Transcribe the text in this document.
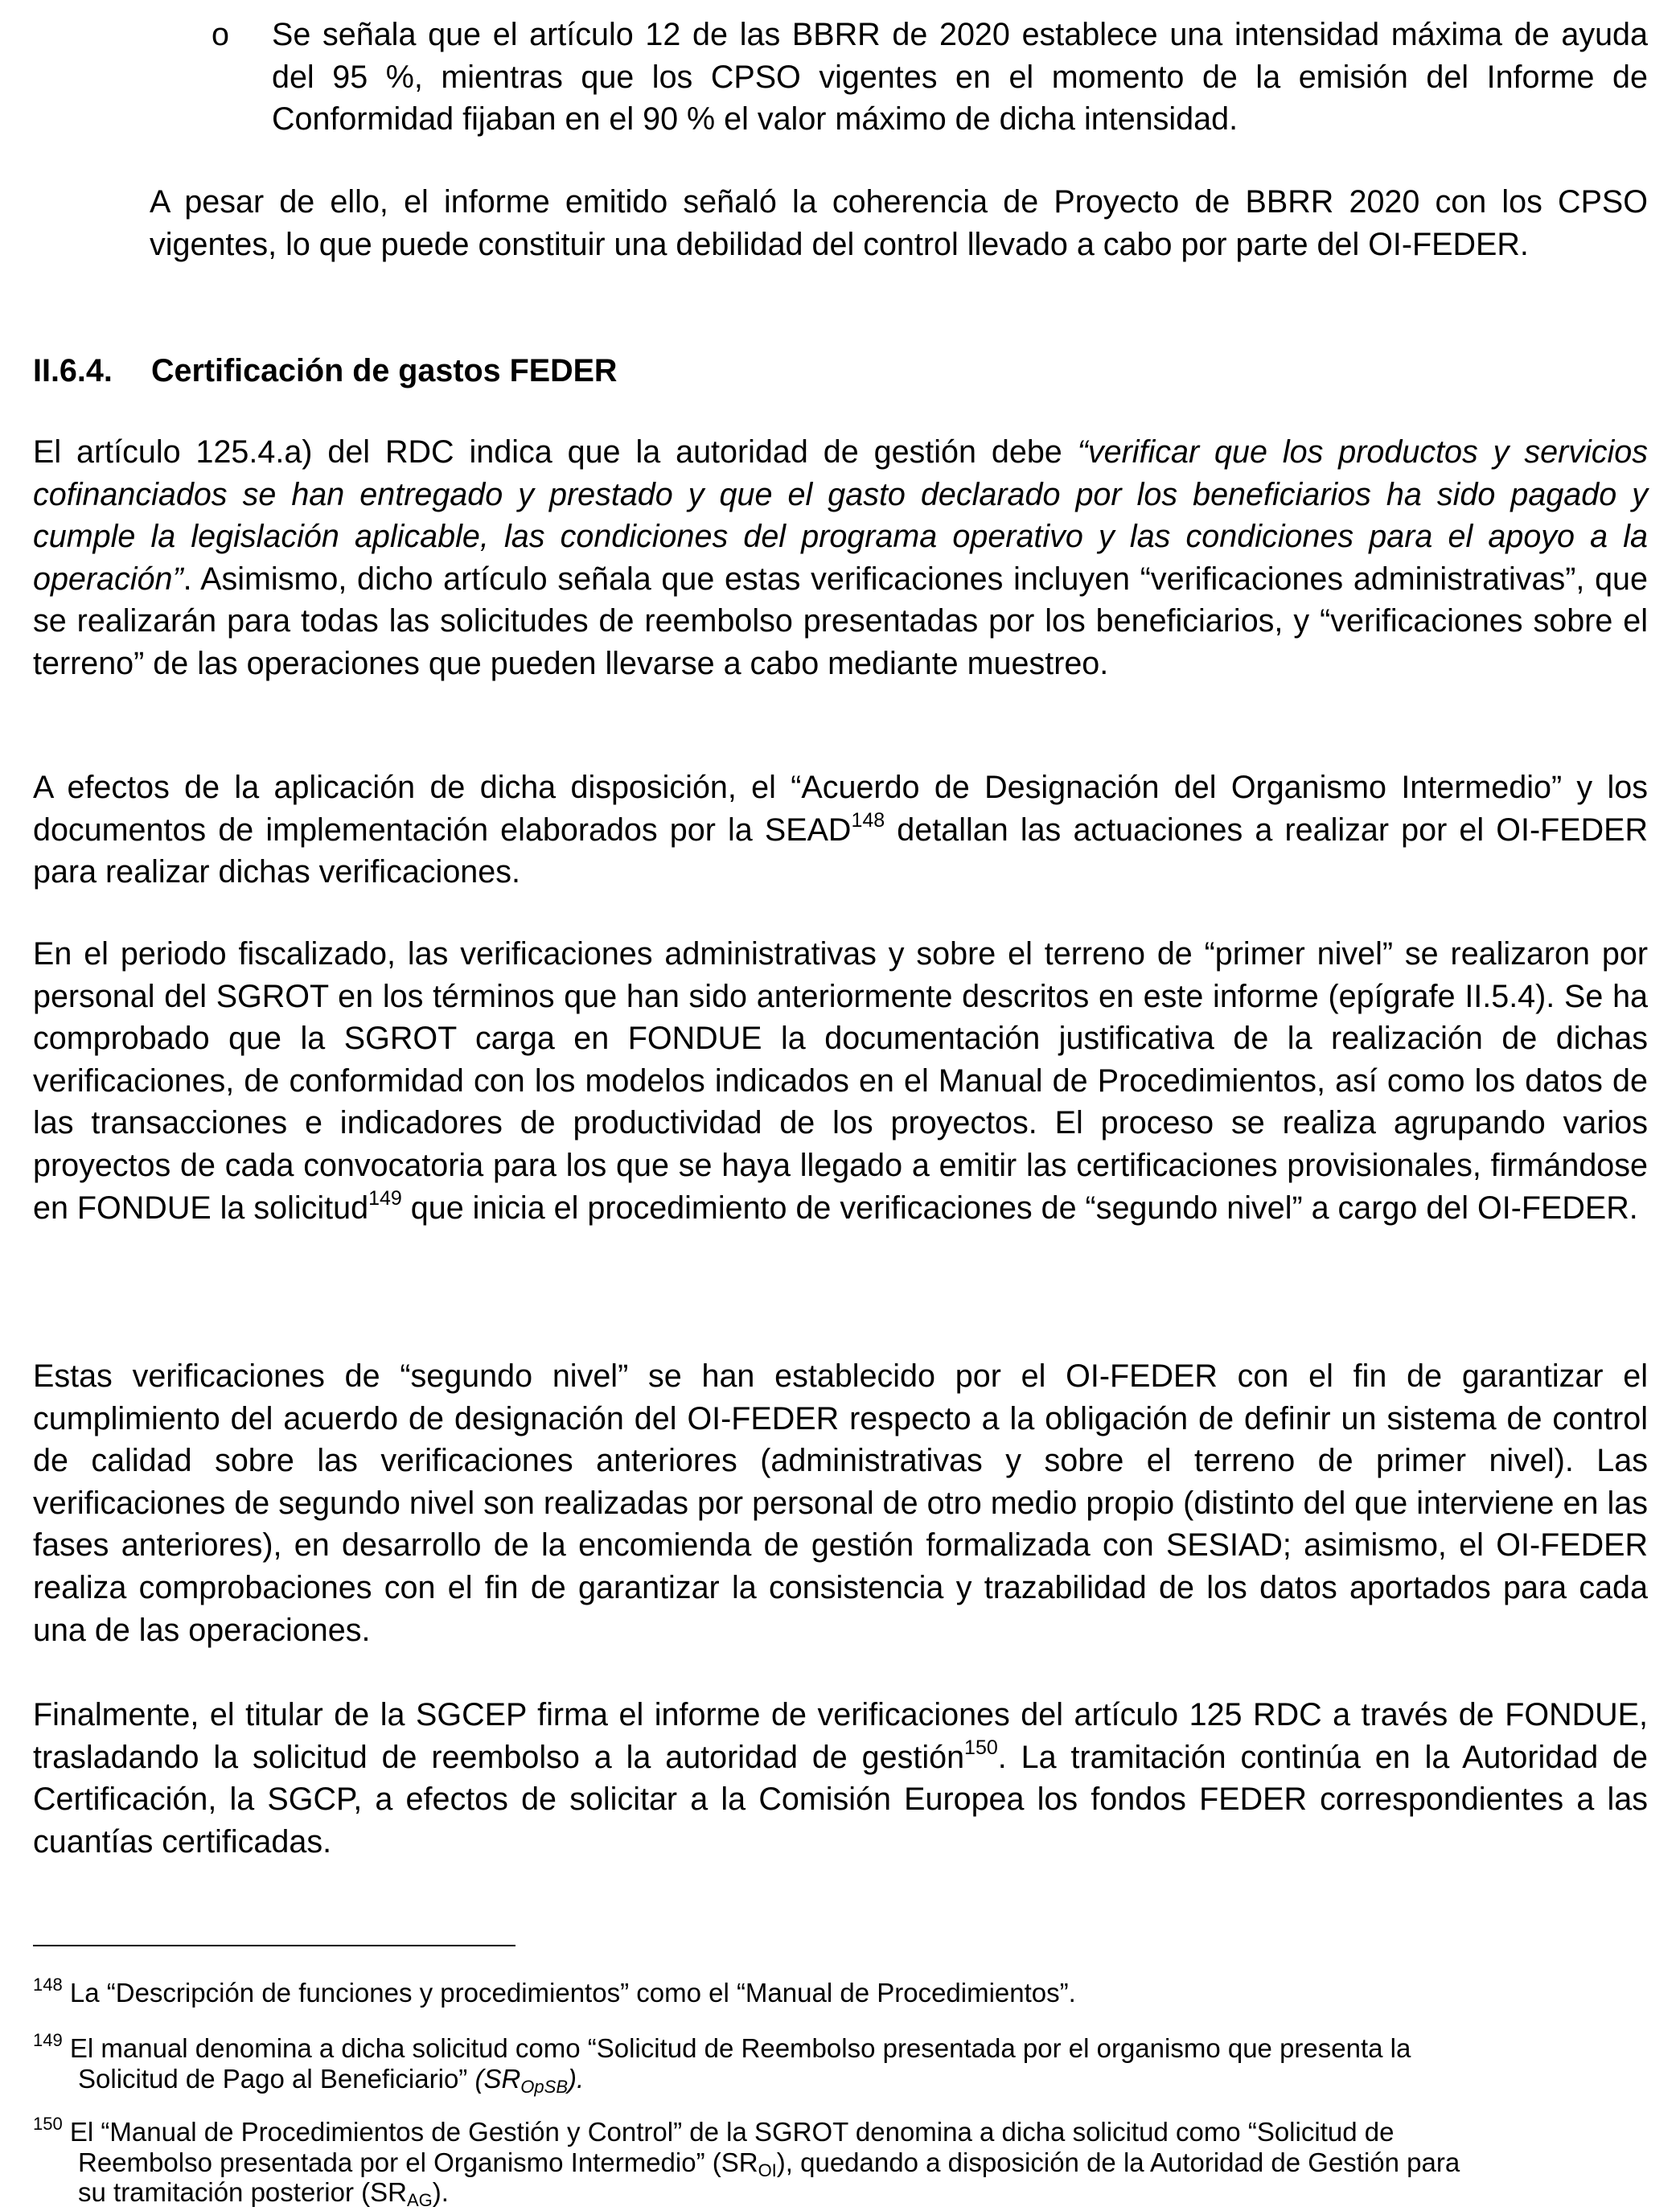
o Se señala que el artículo 12 de las BBRR de 2020 establece una intensidad máxima de ayuda del 95 %, mientras que los CPSO vigentes en el momento de la emisión del Informe de Conformidad fijaban en el 90 % el valor máximo de dicha intensidad.

A pesar de ello, el informe emitido señaló la coherencia de Proyecto de BBRR 2020 con los CPSO vigentes, lo que puede constituir una debilidad del control llevado a cabo por parte del OI-FEDER.

II.6.4. Certificación de gastos FEDER

El artículo 125.4.a) del RDC indica que la autoridad de gestión debe “verificar que los productos y servicios cofinanciados se han entregado y prestado y que el gasto declarado por los beneficiarios ha sido pagado y cumple la legislación aplicable, las condiciones del programa operativo y las condiciones para el apoyo a la operación”. Asimismo, dicho artículo señala que estas verificaciones incluyen “verificaciones administrativas”, que se realizarán para todas las solicitudes de reembolso presentadas por los beneficiarios, y “verificaciones sobre el terreno” de las operaciones que pueden llevarse a cabo mediante muestreo.

A efectos de la aplicación de dicha disposición, el “Acuerdo de Designación del Organismo Intermedio” y los documentos de implementación elaborados por la SEAD$^{148}$ detallan las actuaciones a realizar por el OI-FEDER para realizar dichas verificaciones.

En el periodo fiscalizado, las verificaciones administrativas y sobre el terreno de “primer nivel” se realizaron por personal del SGROT en los términos que han sido anteriormente descritos en este informe (epígrafe II.5.4). Se ha comprobado que la SGROT carga en FONDUE la documentación justificativa de la realización de dichas verificaciones, de conformidad con los modelos indicados en el Manual de Procedimientos, así como los datos de las transacciones e indicadores de productividad de los proyectos. El proceso se realiza agrupando varios proyectos de cada convocatoria para los que se haya llegado a emitir las certificaciones provisionales, firmándose en FONDUE la solicitud$^{149}$ que inicia el procedimiento de verificaciones de “segundo nivel” a cargo del OI-FEDER.

Estas verificaciones de “segundo nivel” se han establecido por el OI-FEDER con el fin de garantizar el cumplimiento del acuerdo de designación del OI-FEDER respecto a la obligación de definir un sistema de control de calidad sobre las verificaciones anteriores (administrativas y sobre el terreno de primer nivel). Las verificaciones de segundo nivel son realizadas por personal de otro medio propio (distinto del que interviene en las fases anteriores), en desarrollo de la encomienda de gestión formalizada con SESIAD; asimismo, el OI-FEDER realiza comprobaciones con el fin de garantizar la consistencia y trazabilidad de los datos aportados para cada una de las operaciones.

Finalmente, el titular de la SGCEP firma el informe de verificaciones del artículo 125 RDC a través de FONDUE, trasladando la solicitud de reembolso a la autoridad de gestión$^{150}$. La tramitación continúa en la Autoridad de Certificación, la SGCP, a efectos de solicitar a la Comisión Europea los fondos FEDER correspondientes a las cuantías certificadas.

$^{148}$ La “Descripción de funciones y procedimientos” como el “Manual de Procedimientos”.

$^{149}$ El manual denomina a dicha solicitud como “Solicitud de Reembolso presentada por el organismo que presenta la

Solicitud de Pago al Beneficiario” $(SR_{OpSB})$.

$^{150}$ El “Manual de Procedimientos de Gestión y Control” de la SGROT denomina a dicha solicitud como “Solicitud de

Reembolso presentada por el Organismo Intermedio” $(SR_{OI})$, quedando a disposición de la Autoridad de Gestión para

su tramitación posterior $(SR_{AG})$.
